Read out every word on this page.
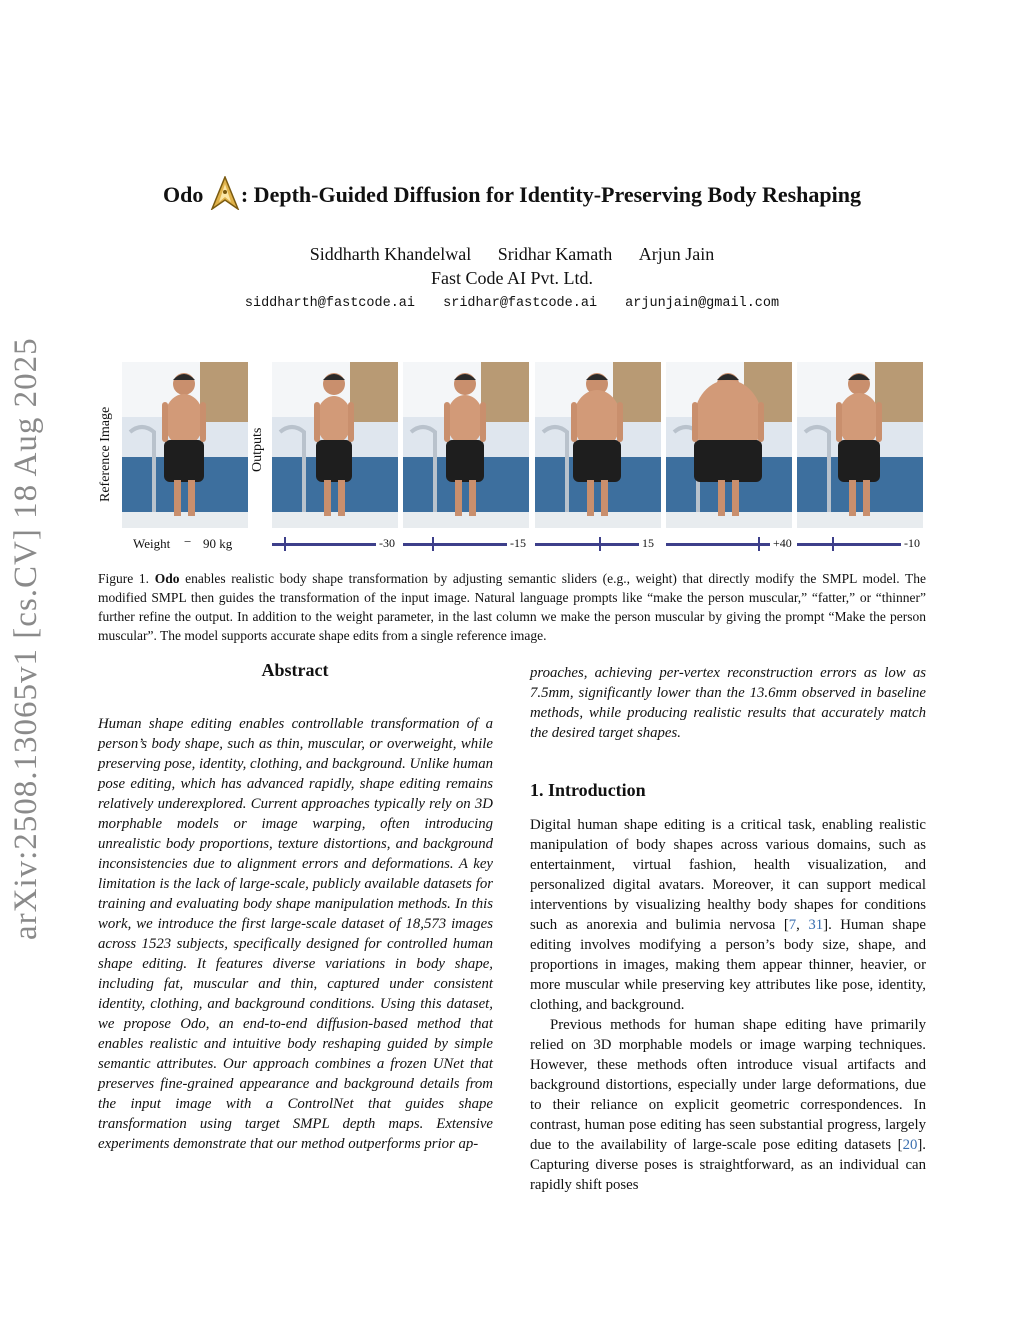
arXiv:2508.13065v1 [cs.CV] 18 Aug 2025
Odo : Depth-Guided Diffusion for Identity-Preserving Body Reshaping
Siddharth Khandelwal Sridhar Kamath Arjun Jain
Fast Code AI Pvt. Ltd.
siddharth@fastcode.ai sridhar@fastcode.ai arjunjain@gmail.com
Reference Image	Outputs
Weight − 90 kg	-30	-15	15	+40	-10
Figure 1. Odo enables realistic body shape transformation by adjusting semantic sliders (e.g., weight) that directly modify the SMPL model. The modified SMPL then guides the transformation of the input image. Natural language prompts like “make the person muscular,” “fatter,” or “thinner” further refine the output. In addition to the weight parameter, in the last column we make the person muscular by giving the prompt “Make the person muscular”. The model supports accurate shape edits from a single reference image.
Abstract
Human shape editing enables controllable transformation of a person’s body shape, such as thin, muscular, or overweight, while preserving pose, identity, clothing, and background. Unlike human pose editing, which has advanced rapidly, shape editing remains relatively underexplored. Current approaches typically rely on 3D morphable models or image warping, often introducing unrealistic body proportions, texture distortions, and background inconsistencies due to alignment errors and deformations. A key limitation is the lack of large-scale, publicly available datasets for training and evaluating body shape manipulation methods. In this work, we introduce the first large-scale dataset of 18,573 images across 1523 subjects, specifically designed for controlled human shape editing. It features diverse variations in body shape, including fat, muscular and thin, captured under consistent identity, clothing, and background conditions. Using this dataset, we propose Odo, an end-to-end diffusion-based method that enables realistic and intuitive body reshaping guided by simple semantic attributes. Our approach combines a frozen UNet that preserves fine-grained appearance and background details from the input image with a ControlNet that guides shape transformation using target SMPL depth maps. Extensive experiments demonstrate that our method outperforms prior ap-
proaches, achieving per-vertex reconstruction errors as low as 7.5mm, significantly lower than the 13.6mm observed in baseline methods, while producing realistic results that accurately match the desired target shapes.
1. Introduction
Digital human shape editing is a critical task, enabling realistic manipulation of body shapes across various domains, such as entertainment, virtual fashion, health visualization, and personalized digital avatars. Moreover, it can support medical interventions by visualizing healthy body shapes for conditions such as anorexia and bulimia nervosa [7, 31]. Human shape editing involves modifying a person’s body size, shape, and proportions in images, making them appear thinner, heavier, or more muscular while preserving key attributes like pose, identity, clothing, and background.
Previous methods for human shape editing have primarily relied on 3D morphable models or image warping techniques. However, these methods often introduce visual artifacts and background distortions, especially under large deformations, due to their reliance on explicit geometric correspondences. In contrast, human pose editing has seen substantial progress, largely due to the availability of large-scale pose editing datasets [20]. Capturing diverse poses is straightforward, as an individual can rapidly shift poses
